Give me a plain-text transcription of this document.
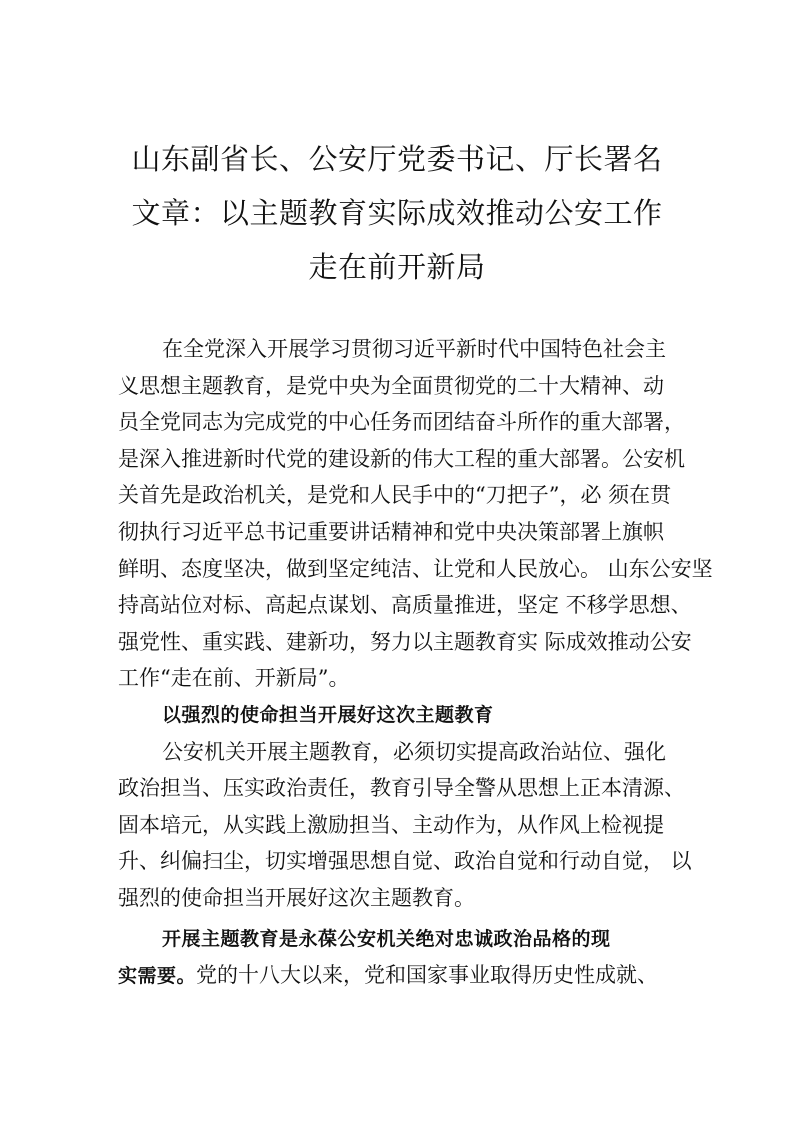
山东副省长、公安厅党委书记、厅长署名
文章：以主题教育实际成效推动公安工作
走在前开新局
在全党深入开展学习贯彻习近平新时代中国特色社会主
义思想主题教育，是党中央为全面贯彻党的二十大精神、动
员全党同志为完成党的中心任务而团结奋斗所作的重大部署，
是深入推进新时代党的建设新的伟大工程的重大部署。公安机
关首先是政治机关，是党和人民手中的“刀把子”，必 须在贯
彻执行习近平总书记重要讲话精神和党中央决策部署上旗帜
鲜明、态度坚决，做到坚定纯洁、让党和人民放心。 山东公安坚
持高站位对标、高起点谋划、高质量推进，坚定 不移学思想、
强党性、重实践、建新功，努力以主题教育实 际成效推动公安
工作“走在前、开新局”。
以强烈的使命担当开展好这次主题教育
公安机关开展主题教育，必须切实提高政治站位、强化
政治担当、压实政治责任，教育引导全警从思想上正本清源、
固本培元，从实践上激励担当、主动作为，从作风上检视提
升、纠偏扫尘，切实增强思想自觉、政治自觉和行动自觉， 以
强烈的使命担当开展好这次主题教育。
开展主题教育是永葆公安机关绝对忠诚政治品格的现
实需要。党的十八大以来，党和国家事业取得历史性成就、
